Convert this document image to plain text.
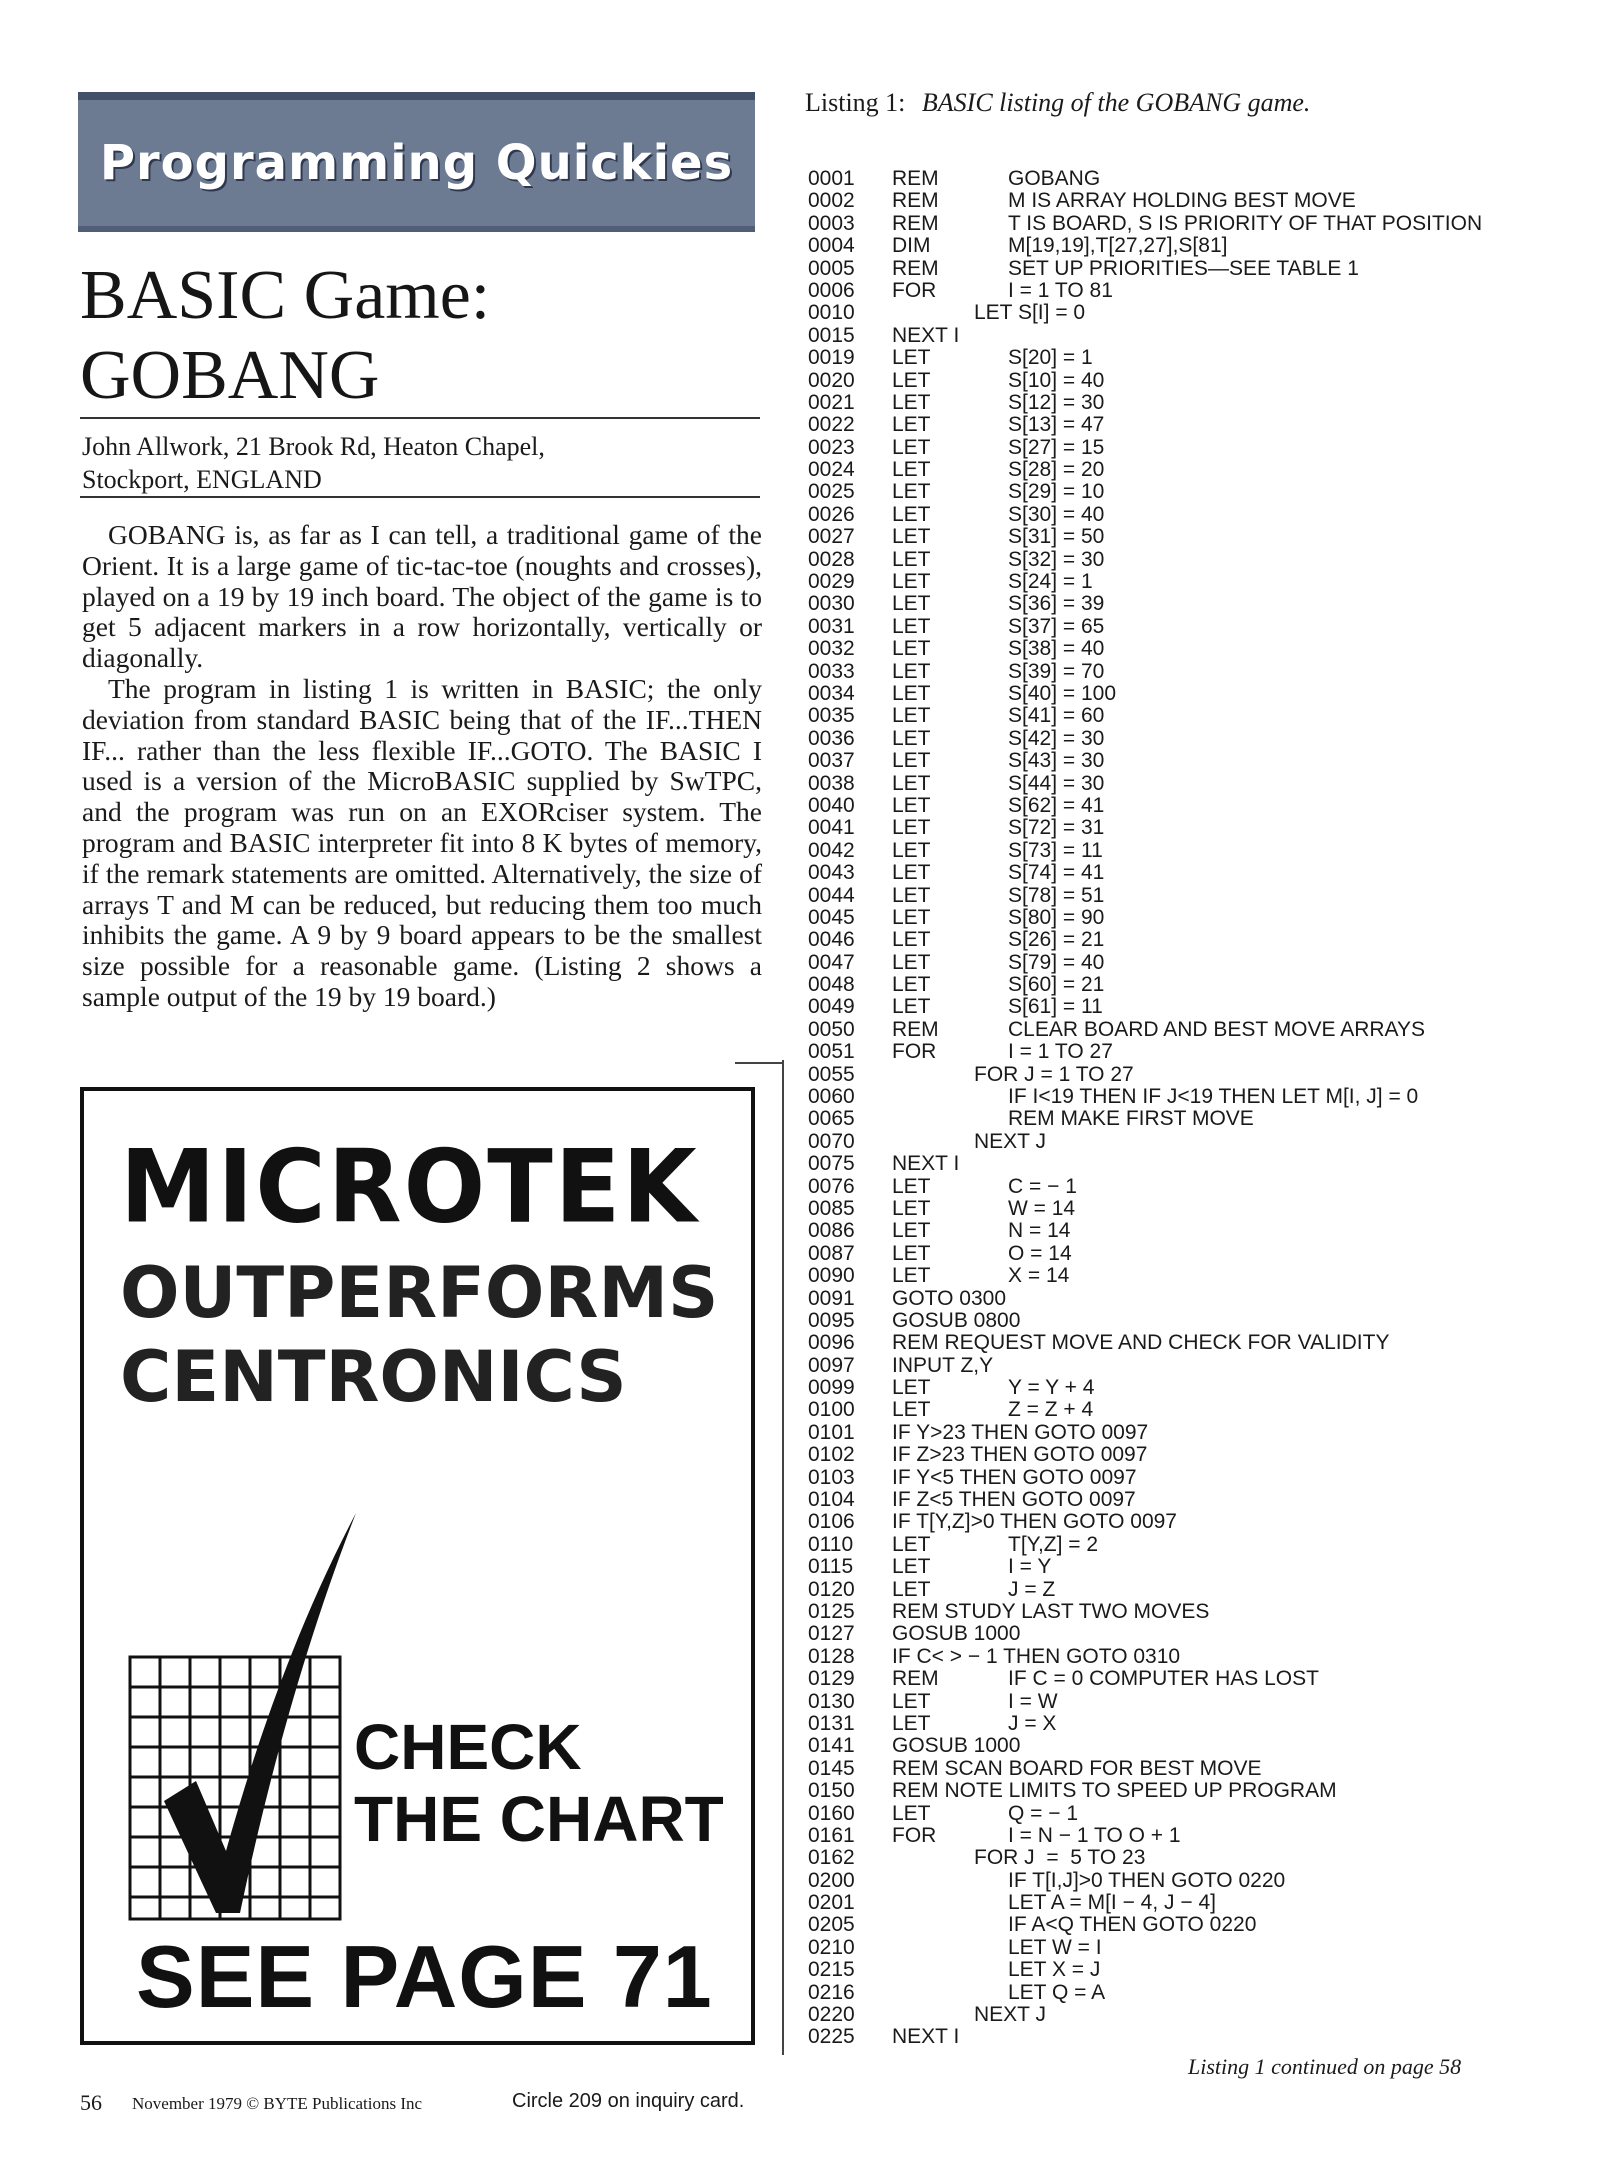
Programming Quickies
BASIC Game:
GOBANG
John Allwork, 21 Brook Rd, Heaton Chapel,
Stockport, ENGLAND

GOBANG is, as far as I can tell, a traditional game of the Orient. It is a large game of tic-tac-toe (noughts and crosses), played on a 19 by 19 inch board. The object of the game is to get 5 adjacent markers in a row horizontally, vertically or diagonally.

The program in listing 1 is written in BASIC; the only deviation from standard BASIC being that of the IF...THEN IF... rather than the less flexible IF...GOTO. The BASIC I used is a version of the MicroBASIC supplied by SwTPC, and the program was run on an EXORciser system. The program and BASIC interpreter fit into 8 K bytes of memory, if the remark statements are omitted. Alternatively, the size of arrays T and M can be reduced, but reducing them too much inhibits the game. A 9 by 9 board appears to be the smallest size possible for a reasonable game. (Listing 2 shows a sample output of the 19 by 19 board.)

MICROTEK
OUTPERFORMS
CENTRONICS
CHECK
THE CHART
SEE PAGE 71
56 November 1979 © BYTE Publications Inc	Circle 209 on inquiry card.
Listing 1: BASIC listing of the GOBANG game.
0001 REM	GOBANG
0002 REM	M IS ARRAY HOLDING BEST MOVE
0003 REM	T IS BOARD, S IS PRIORITY OF THAT POSITION
0004 DIM	M[19,19],T[27,27],S[81]
0005 REM	SET UP PRIORITIES—SEE TABLE 1
0006 FOR	I = 1 TO 81
0010	LET S[I] = 0
0015 NEXT I
0019 LET	S[20] = 1
0020 LET	S[10] = 40
0021 LET	S[12] = 30
0022 LET	S[13] = 47
0023 LET	S[27] = 15
0024 LET	S[28] = 20
0025 LET	S[29] = 10
0026 LET	S[30] = 40
0027 LET	S[31] = 50
0028 LET	S[32] = 30
0029 LET	S[24] = 1
0030 LET	S[36] = 39
0031 LET	S[37] = 65
0032 LET	S[38] = 40
0033 LET	S[39] = 70
0034 LET	S[40] = 100
0035 LET	S[41] = 60
0036 LET	S[42] = 30
0037 LET	S[43] = 30
0038 LET	S[44] = 30
0040 LET	S[62] = 41
0041 LET	S[72] = 31
0042 LET	S[73] = 11
0043 LET	S[74] = 41
0044 LET	S[78] = 51
0045 LET	S[80] = 90
0046 LET	S[26] = 21
0047 LET	S[79] = 40
0048 LET	S[60] = 21
0049 LET	S[61] = 11
0050 REM	CLEAR BOARD AND BEST MOVE ARRAYS
0051 FOR	I = 1 TO 27
0055	FOR J = 1 TO 27
0060	IF I<19 THEN IF J<19 THEN LET M[I, J] = 0
0065	REM MAKE FIRST MOVE
0070	NEXT J
0075 NEXT I
0076 LET	C = − 1
0085 LET	W = 14
0086 LET	N = 14
0087 LET	O = 14
0090 LET	X = 14
0091 GOTO 0300
0095 GOSUB 0800
0096 REM REQUEST MOVE AND CHECK FOR VALIDITY
0097 INPUT Z,Y
0099 LET	Y = Y + 4
0100 LET	Z = Z + 4
0101 IF Y>23 THEN GOTO 0097
0102 IF Z>23 THEN GOTO 0097
0103 IF Y<5 THEN GOTO 0097
0104 IF Z<5 THEN GOTO 0097
0106 IF T[Y,Z]>0 THEN GOTO 0097
0110 LET	T[Y,Z] = 2
0115 LET	I = Y
0120 LET	J = Z
0125 REM STUDY LAST TWO MOVES
0127 GOSUB 1000
0128 IF C< > − 1 THEN GOTO 0310
0129 REM	IF C = 0 COMPUTER HAS LOST
0130 LET	I = W
0131 LET	J = X
0141 GOSUB 1000
0145 REM SCAN BOARD FOR BEST MOVE
0150 REM NOTE LIMITS TO SPEED UP PROGRAM
0160 LET	Q = − 1
0161 FOR	I = N − 1 TO O + 1
0162	FOR J  =  5 TO 23
0200	IF T[I,J]>0 THEN GOTO 0220
0201	LET A = M[I − 4, J − 4]
0205	IF A<Q THEN GOTO 0220
0210	LET W = I
0215	LET X = J
0216	LET Q = A
0220	NEXT J
0225 NEXT I
Listing 1 continued on page 58
